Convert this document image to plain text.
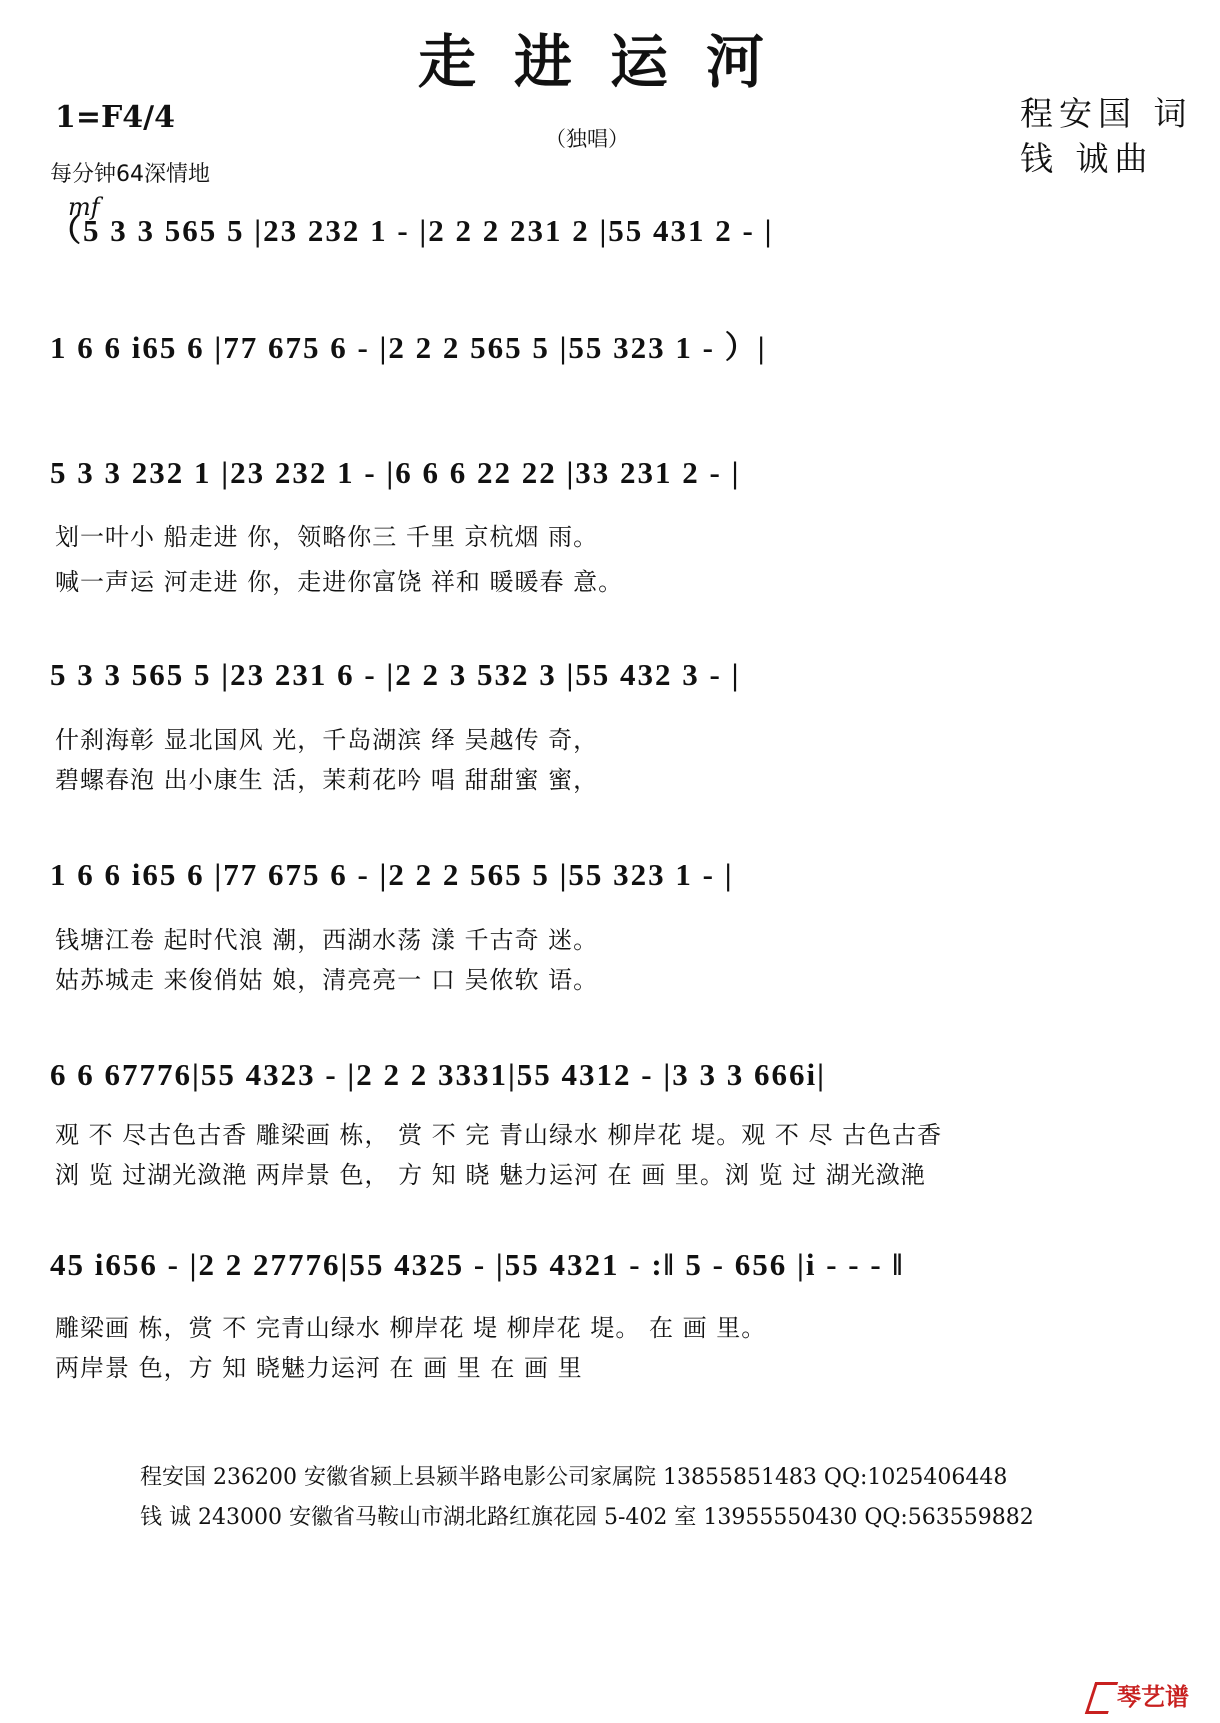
走进运河
1=F4/4
每分钟64深情地
（独唱）
程安国 词
钱 诚曲
mf
（5 3 3 565 5 |23 232 1 - |2 2 2 231 2 |55 431 2 - |
1 6 6 i65 6 |77 675 6 - |2 2 2 565 5 |55 323 1 - ）|
5 3 3 232 1 |23 232 1 - |6 6 6 22 22 |33 231 2 - |
划一叶小 船走进 你，领略你三 千里 京杭烟 雨。
喊一声运 河走进 你，走进你富饶 祥和 暖暖春 意。
5 3 3 565 5 |23 231 6 - |2 2 3 532 3 |55 432 3 - |
什刹海彰 显北国风 光，千岛湖滨 绎 吴越传 奇，
碧螺春泡 出小康生 活，茉莉花吟 唱 甜甜蜜 蜜，
1 6 6 i65 6 |77 675 6 - |2 2 2 565 5 |55 323 1 - |
钱塘江卷 起时代浪 潮，西湖水荡 漾 千古奇 迷。
姑苏城走 来俊俏姑 娘，清亮亮一 口 吴侬软 语。
6 6 67776|55 4323 - |2 2 2 3331|55 4312 - |3 3 3 666i|
观 不 尽古色古香 雕梁画 栋， 赏 不 完 青山绿水 柳岸花 堤。观 不 尽 古色古香
浏 览 过湖光潋滟 两岸景 色， 方 知 晓 魅力运河 在 画 里。浏 览 过 湖光潋滟
45 i656 - |2 2 27776|55 4325 - |55 4321 - :‖ 5 - 656 |i - - - ‖
雕梁画 栋，赏 不 完青山绿水 柳岸花 堤 柳岸花 堤。 在 画 里。
两岸景 色，方 知 晓魅力运河 在 画 里 在 画 里
程安国 236200 安徽省颍上县颍半路电影公司家属院 13855851483 QQ:1025406448
钱 诚 243000 安徽省马鞍山市湖北路红旗花园 5-402 室 13955550430 QQ:563559882
琴艺谱
